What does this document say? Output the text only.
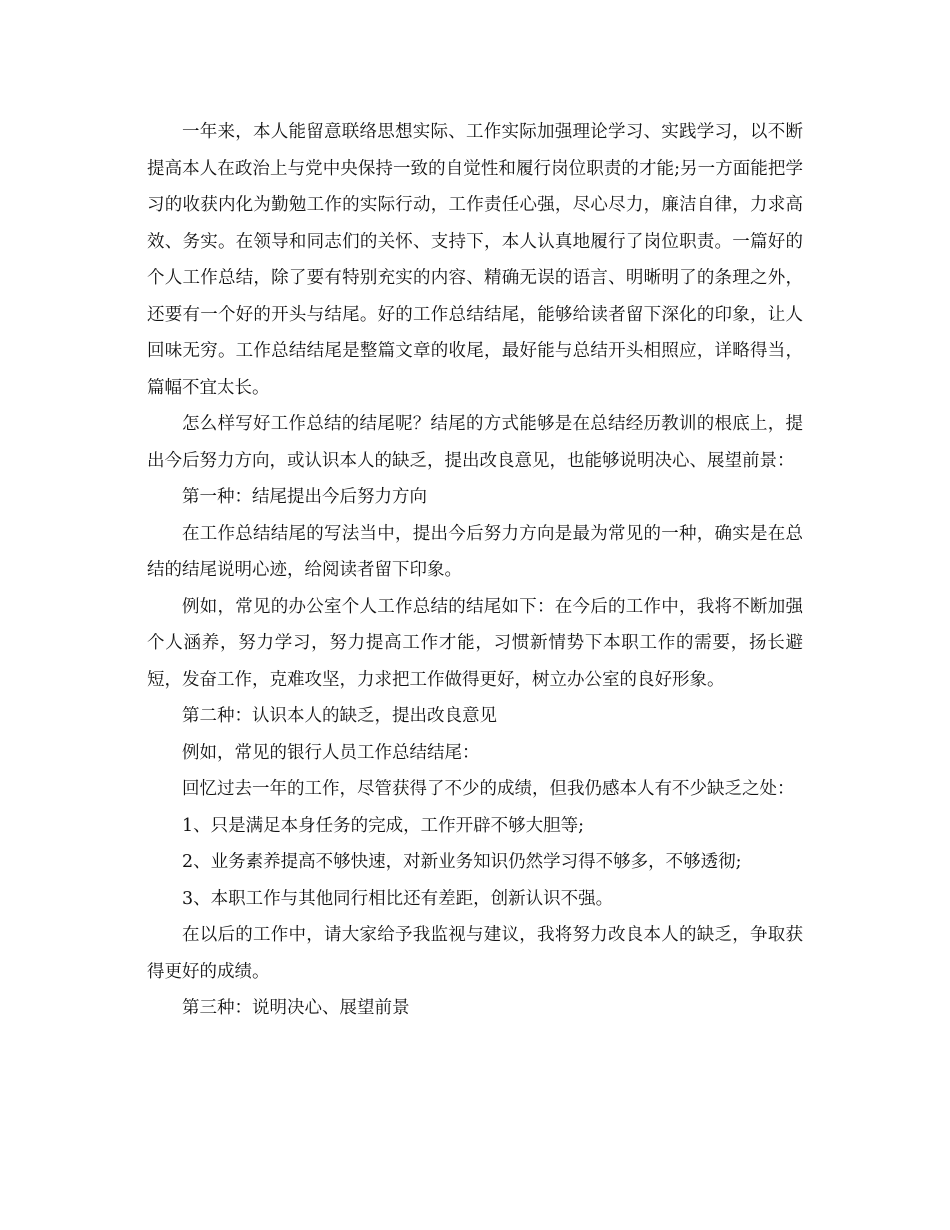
一年来，本人能留意联络思想实际、工作实际加强理论学习、实践学习，以不断提高本人在政治上与党中央保持一致的自觉性和履行岗位职责的才能;另一方面能把学习的收获内化为勤勉工作的实际行动，工作责任心强，尽心尽力，廉洁自律，力求高效、务实。在领导和同志们的关怀、支持下，本人认真地履行了岗位职责。一篇好的个人工作总结，除了要有特别充实的内容、精确无误的语言、明晰明了的条理之外，还要有一个好的开头与结尾。好的工作总结结尾，能够给读者留下深化的印象，让人回味无穷。工作总结结尾是整篇文章的收尾，最好能与总结开头相照应，详略得当，篇幅不宜太长。

怎么样写好工作总结的结尾呢？结尾的方式能够是在总结经历教训的根底上，提出今后努力方向，或认识本人的缺乏，提出改良意见，也能够说明决心、展望前景：

第一种：结尾提出今后努力方向

在工作总结结尾的写法当中，提出今后努力方向是最为常见的一种，确实是在总结的结尾说明心迹，给阅读者留下印象。

例如，常见的办公室个人工作总结的结尾如下：在今后的工作中，我将不断加强个人涵养，努力学习，努力提高工作才能，习惯新情势下本职工作的需要，扬长避短，发奋工作，克难攻坚，力求把工作做得更好，树立办公室的良好形象。

第二种：认识本人的缺乏，提出改良意见

例如，常见的银行人员工作总结结尾：

回忆过去一年的工作，尽管获得了不少的成绩，但我仍感本人有不少缺乏之处：

1、只是满足本身任务的完成，工作开辟不够大胆等;

2、业务素养提高不够快速，对新业务知识仍然学习得不够多，不够透彻;

3、本职工作与其他同行相比还有差距，创新认识不强。

在以后的工作中，请大家给予我监视与建议，我将努力改良本人的缺乏，争取获得更好的成绩。

第三种：说明决心、展望前景
